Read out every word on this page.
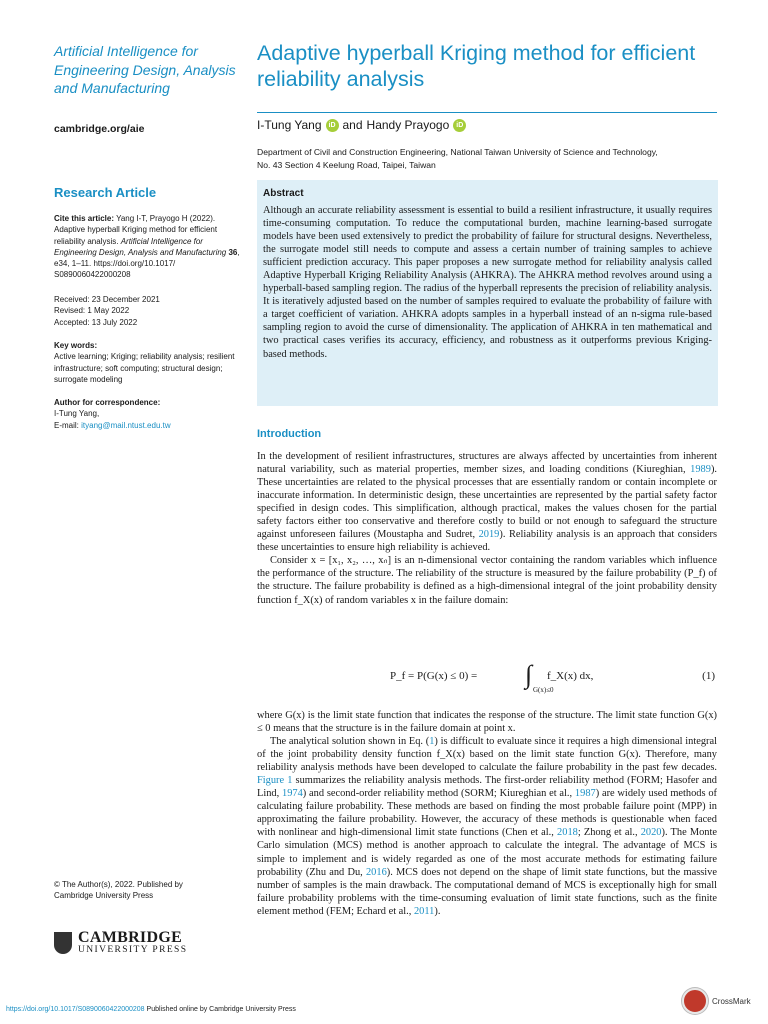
Artificial Intelligence for
Engineering Design, Analysis
and Manufacturing
Adaptive hyperball Kriging method for efficient
reliability analysis
cambridge.org/aie	I-Tung Yang	iD and Handy Prayogo	iD
Department of Civil and Construction Engineering, National Taiwan University of Science and Technology,
No. 43 Section 4 Keelung Road, Taipei, Taiwan
Research Article
Cite this article: Yang I-T, Prayogo H (2022). Adaptive hyperball Kriging method for efficient reliability analysis. Artificial Intelligence for Engineering Design, Analysis and Manufacturing 36, e34, 1–11. https://doi.org/10.1017/ S0890060422000208
Received: 23 December 2021
Revised: 1 May 2022
Accepted: 13 July 2022
Key words:
Active learning; Kriging; reliability analysis; resilient infrastructure; soft computing; structural design; surrogate modeling
Author for correspondence:
I-Tung Yang,
E-mail: ityang@mail.ntust.edu.tw
© The Author(s), 2022. Published by
Cambridge University Press
CAMBRIDGE
UNIVERSITY PRESS
Abstract
Although an accurate reliability assessment is essential to build a resilient infrastructure, it usually requires time-consuming computation. To reduce the computational burden, machine learning-based surrogate models have been used extensively to predict the probability of failure for structural designs. Nevertheless, the surrogate model still needs to compute and assess a certain number of training samples to achieve sufficient prediction accuracy. This paper proposes a new surrogate method for reliability analysis called Adaptive Hyperball Kriging Reliability Analysis (AHKRA). The AHKRA method revolves around using a hyperball-based sampling region. The radius of the hyperball represents the precision of reliability analysis. It is iteratively adjusted based on the number of samples required to evaluate the probability of failure with a target coefficient of variation. AHKRA adopts samples in a hyperball instead of an n-sigma rule-based sampling region to avoid the curse of dimensionality. The application of AHKRA in ten mathematical and two practical cases verifies its accuracy, efficiency, and robustness as it outperforms previous Kriging-based methods.
Introduction

In the development of resilient infrastructures, structures are always affected by uncertainties from inherent natural variability, such as material properties, member sizes, and loading conditions (Kiureghian, 1989). These uncertainties are related to the physical processes that are essentially random or contain incomplete or inaccurate information. In deterministic design, these uncertainties are represented by the partial safety factor specified in design codes. This simplification, although practical, makes the values chosen for the partial safety factors either too conservative and therefore costly to build or not enough to safeguard the structure against unforeseen failures (Moustapha and Sudret, 2019). Reliability analysis is an approach that considers these uncertainties to ensure high reliability is achieved.

Consider x = [x₁, x₂, …, xₙ] is an n-dimensional vector containing the random variables which influence the performance of the structure. The reliability of the structure is measured by the failure probability (P_f) of the structure. The failure probability is defined as a high-dimensional integral of the joint probability density function f_X(x) of random variables x in the failure domain:

P_f = P(G(x) ≤ 0) = ∫
G(x)≤0
f_X(x) dx,	(1)

where G(x) is the limit state function that indicates the response of the structure. The limit state function G(x) ≤ 0 means that the structure is in the failure domain at point x.

The analytical solution shown in Eq. (1) is difficult to evaluate since it requires a high dimensional integral of the joint probability density function f_X(x) based on the limit state function G(x). Therefore, many reliability analysis methods have been developed to calculate the failure probability in the past few decades. Figure 1 summarizes the reliability analysis methods. The first-order reliability method (FORM; Hasofer and Lind, 1974) and second-order reliability method (SORM; Kiureghian et al., 1987) are widely used methods of calculating failure probability. These methods are based on finding the most probable failure point (MPP) in approximating the failure probability. However, the accuracy of these methods is questionable when faced with nonlinear and high-dimensional limit state functions (Chen et al., 2018; Zhong et al., 2020). The Monte Carlo simulation (MCS) method is another approach to calculate the integral. The advantage of MCS is simple to implement and is widely regarded as one of the most accurate methods for estimating failure probability (Zhu and Du, 2016). MCS does not depend on the shape of limit state functions, but the massive number of samples is the main drawback. The computational demand of MCS is exceptionally high for small failure probability problems with the time-consuming evaluation of limit state functions, such as the finite element method (FEM; Echard et al., 2011).

https://doi.org/10.1017/S0890060422000208 Published online by Cambridge University Press
CrossMark
